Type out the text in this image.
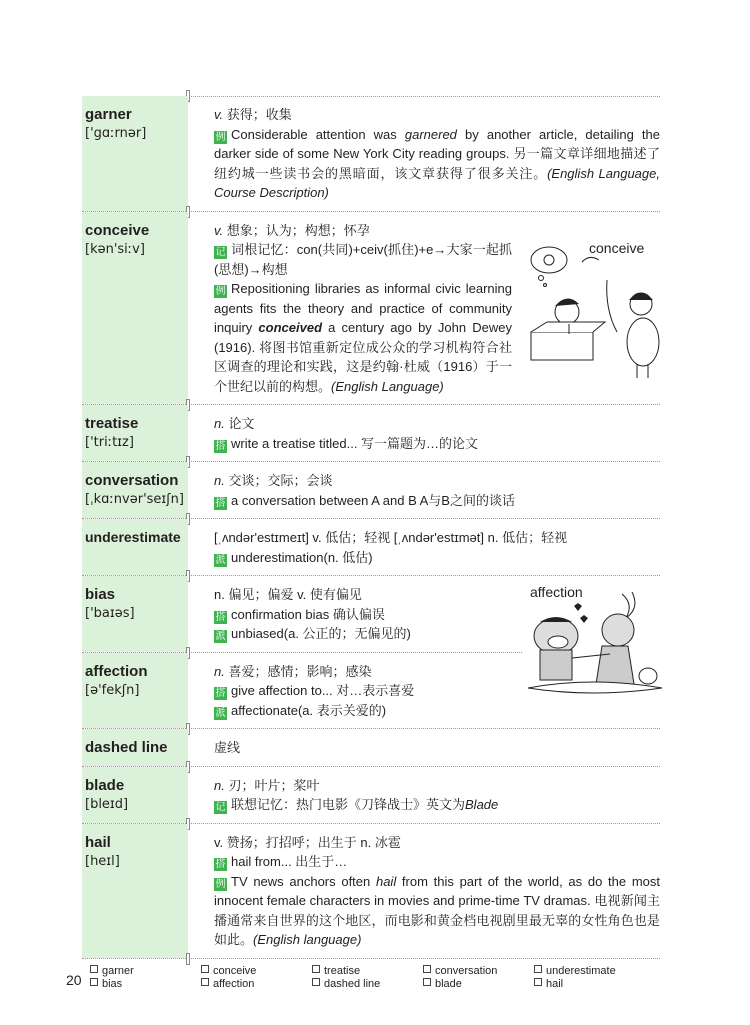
garner
['gɑːrnər]
v. 获得；收集
例 Considerable attention was garnered by another article, detailing the darker side of some New York City reading groups. 另一篇文章详细地描述了纽约城一些读书会的黑暗面，该文章获得了很多关注。(English Language, Course Description)
conceive
[kən'siːv]
v. 想象；认为；构想；怀孕
记 词根记忆：con(共同)+ceiv(抓住)+e→大家一起抓(思想)→构想
例 Repositioning libraries as informal civic learning agents fits the theory and practice of community inquiry conceived a century ago by John Dewey (1916). 将图书馆重新定位成公众的学习机构符合社区调查的理论和实践，这是约翰·杜威（1916）于一个世纪以前的构想。(English Language)
conceive
treatise
['triːtɪz]
n. 论文
搭 write a treatise titled... 写一篇题为…的论文
conversation
[ˌkɑːnvər'seɪʃn]
n. 交谈；交际；会谈
搭 a conversation between A and B A与B之间的谈话
underestimate	[ˌʌndər'estɪmeɪt] v. 低估；轻视 [ˌʌndər'estɪmət] n. 低估；轻视
派 underestimation(n. 低估)
bias
['baɪəs]
n. 偏见；偏爱 v. 使有偏见
搭 confirmation bias 确认偏误
派 unbiased(a. 公正的；无偏见的)
affection
affection
[ə'fekʃn]
n. 喜爱；感情；影响；感染
搭 give affection to... 对…表示喜爱
派 affectionate(a. 表示关爱的)
dashed line	虚线
blade
[bleɪd]
n. 刃；叶片；桨叶
记 联想记忆：热门电影《刀锋战士》英文为Blade
hail
[heɪl]
v. 赞扬；打招呼；出生于 n. 冰雹
搭 hail from... 出生于…
例 TV news anchors often hail from this part of the world, as do the most innocent female characters in movies and prime-time TV dramas. 电视新闻主播通常来自世界的这个地区，而电影和黄金档电视剧里最无辜的女性角色也是如此。(English language)
20
garner	conceive	treatise	conversation	underestimate
bias	affection	dashed line	blade	hail
